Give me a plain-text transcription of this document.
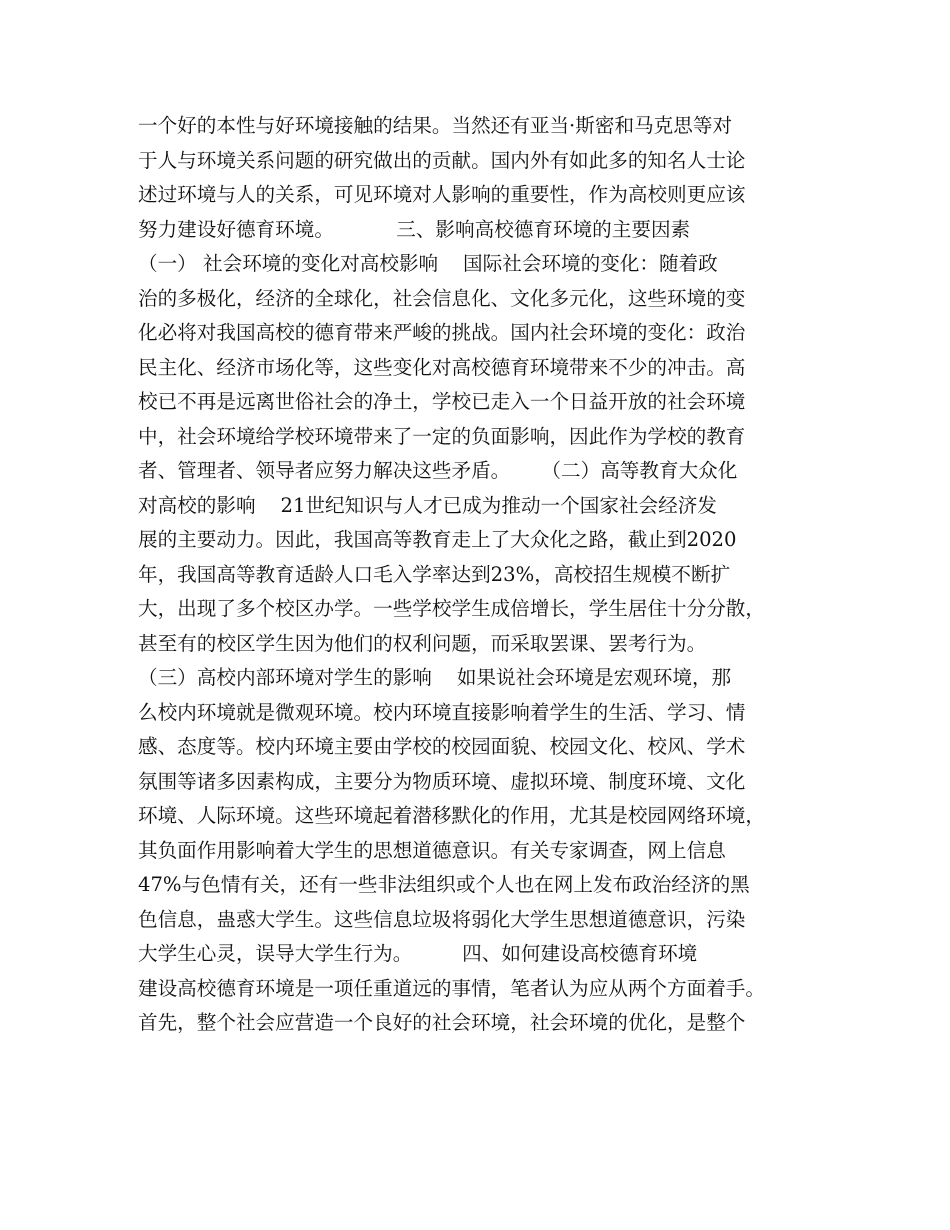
一个好的本性与好环境接触的结果。当然还有亚当·斯密和马克思等对
于人与环境关系问题的研究做出的贡献。国内外有如此多的知名人士论
述过环境与人的关系，可见环境对人影响的重要性，作为高校则更应该
努力建设好德育环境。          三、影响高校德育环境的主要因素
（一） 社会环境的变化对高校影响    国际社会环境的变化：随着政
治的多极化，经济的全球化，社会信息化、文化多元化，这些环境的变
化必将对我国高校的德育带来严峻的挑战。国内社会环境的变化：政治
民主化、经济市场化等，这些变化对高校德育环境带来不少的冲击。高
校已不再是远离世俗社会的净土，学校已走入一个日益开放的社会环境
中，社会环境给学校环境带来了一定的负面影响，因此作为学校的教育
者、管理者、领导者应努力解决这些矛盾。     （二）高等教育大众化
对高校的影响    21世纪知识与人才已成为推动一个国家社会经济发
展的主要动力。因此，我国高等教育走上了大众化之路，截止到2020
年，我国高等教育适龄人口毛入学率达到23%，高校招生规模不断扩
大，出现了多个校区办学。一些学校学生成倍增长，学生居住十分分散，
甚至有的校区学生因为他们的权利问题，而采取罢课、罢考行为。
（三）高校内部环境对学生的影响    如果说社会环境是宏观环境，那
么校内环境就是微观环境。校内环境直接影响着学生的生活、学习、情
感、态度等。校内环境主要由学校的校园面貌、校园文化、校风、学术
氛围等诸多因素构成，主要分为物质环境、虚拟环境、制度环境、文化
环境、人际环境。这些环境起着潜移默化的作用，尤其是校园网络环境，
其负面作用影响着大学生的思想道德意识。有关专家调查，网上信息
47%与色情有关，还有一些非法组织或个人也在网上发布政治经济的黑
色信息，蛊惑大学生。这些信息垃圾将弱化大学生思想道德意识，污染
大学生心灵，误导大学生行为。        四、如何建设高校德育环境
建设高校德育环境是一项任重道远的事情，笔者认为应从两个方面着手。
首先，整个社会应营造一个良好的社会环境，社会环境的优化，是整个
